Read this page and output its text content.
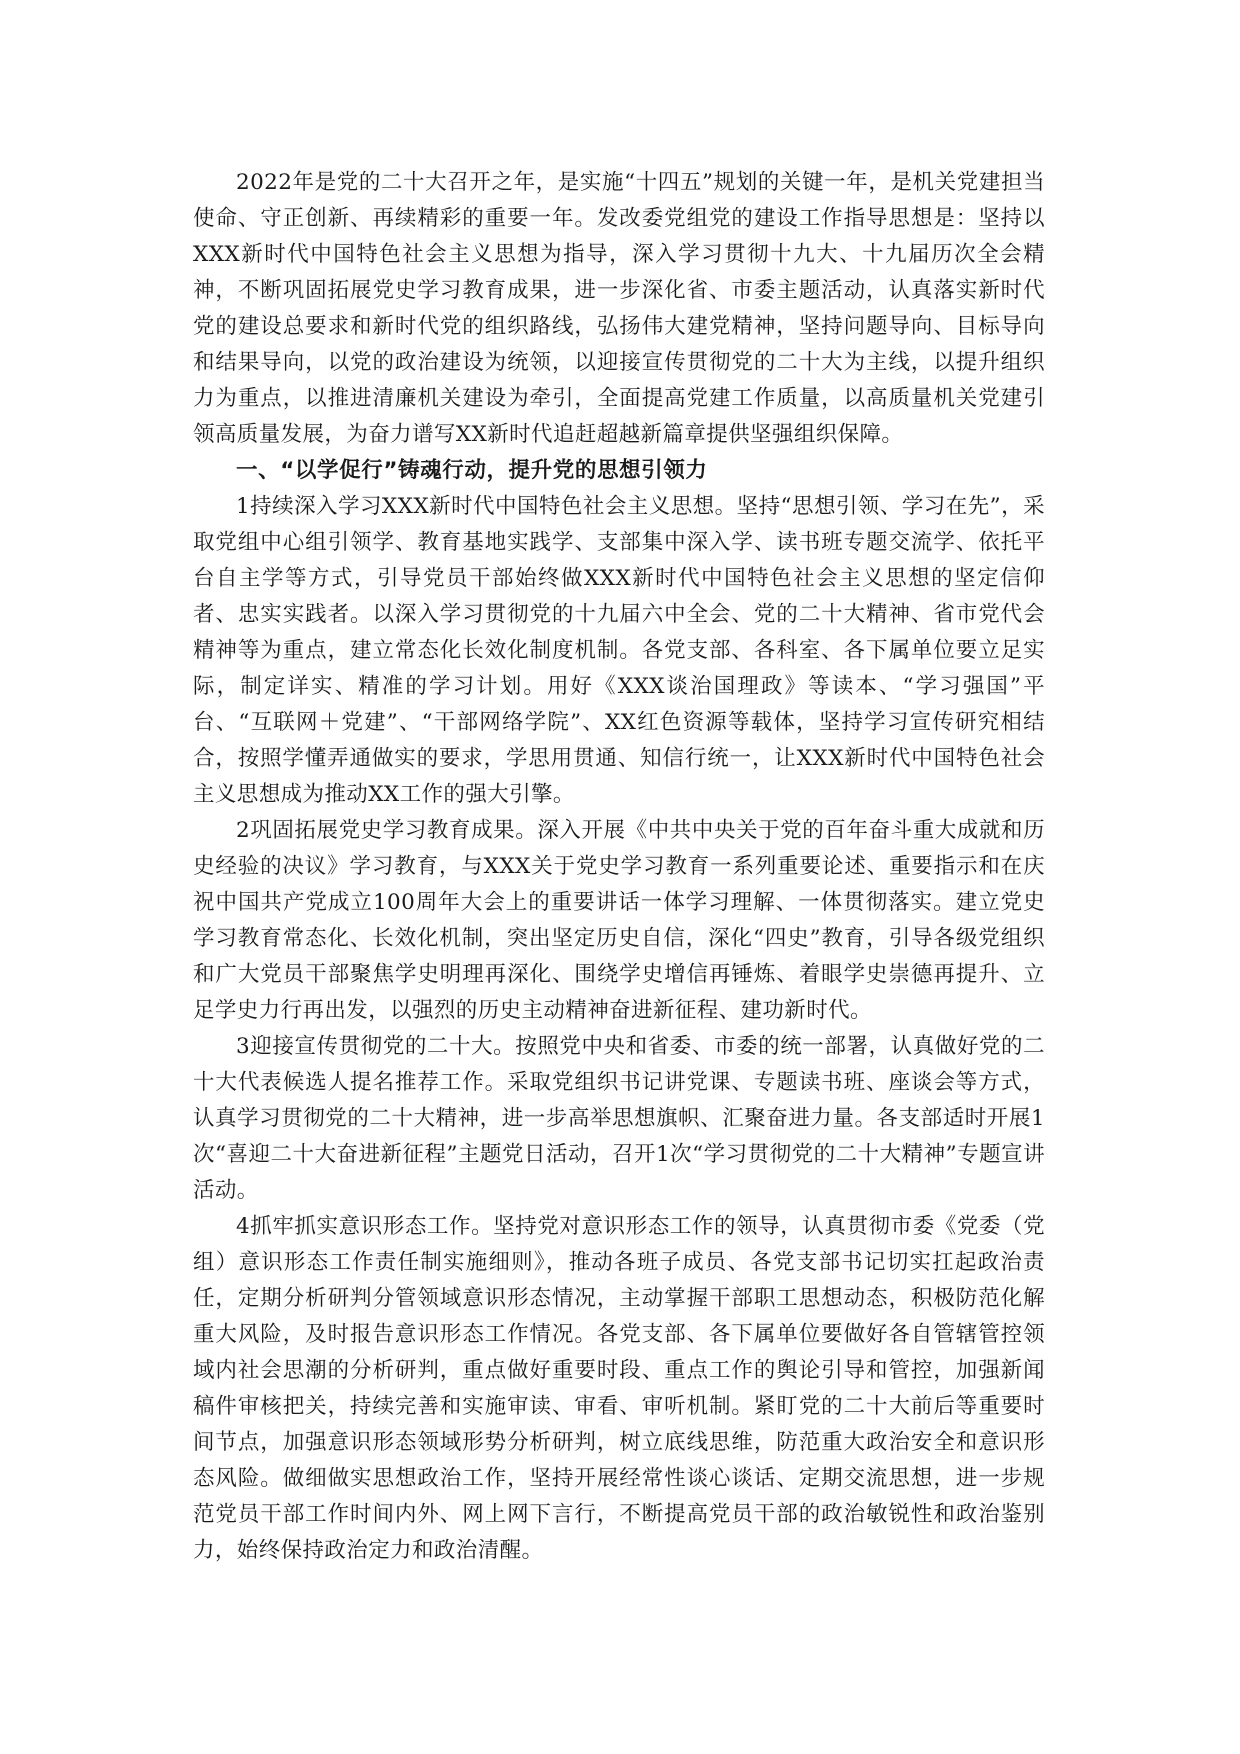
2022年是党的二十大召开之年，是实施“十四五”规划的关键一年，是机关党建担当使命、守正创新、再续精彩的重要一年。发改委党组党的建设工作指导思想是：坚持以XXX新时代中国特色社会主义思想为指导，深入学习贯彻十九大、十九届历次全会精神，不断巩固拓展党史学习教育成果，进一步深化省、市委主题活动，认真落实新时代党的建设总要求和新时代党的组织路线，弘扬伟大建党精神，坚持问题导向、目标导向和结果导向，以党的政治建设为统领，以迎接宣传贯彻党的二十大为主线，以提升组织力为重点，以推进清廉机关建设为牵引，全面提高党建工作质量，以高质量机关党建引领高质量发展，为奋力谱写XX新时代追赶超越新篇章提供坚强组织保障。

一、“以学促行”铸魂行动，提升党的思想引领力

1持续深入学习XXX新时代中国特色社会主义思想。坚持“思想引领、学习在先”，采取党组中心组引领学、教育基地实践学、支部集中深入学、读书班专题交流学、依托平台自主学等方式，引导党员干部始终做XXX新时代中国特色社会主义思想的坚定信仰者、忠实实践者。以深入学习贯彻党的十九届六中全会、党的二十大精神、省市党代会精神等为重点，建立常态化长效化制度机制。各党支部、各科室、各下属单位要立足实际，制定详实、精准的学习计划。用好《XXX谈治国理政》等读本、“学习强国”平台、“互联网＋党建”、“干部网络学院”、XX红色资源等载体，坚持学习宣传研究相结合，按照学懂弄通做实的要求，学思用贯通、知信行统一，让XXX新时代中国特色社会主义思想成为推动XX工作的强大引擎。

2巩固拓展党史学习教育成果。深入开展《中共中央关于党的百年奋斗重大成就和历史经验的决议》学习教育，与XXX关于党史学习教育一系列重要论述、重要指示和在庆祝中国共产党成立100周年大会上的重要讲话一体学习理解、一体贯彻落实。建立党史学习教育常态化、长效化机制，突出坚定历史自信，深化“四史”教育，引导各级党组织和广大党员干部聚焦学史明理再深化、围绕学史增信再锤炼、着眼学史崇德再提升、立足学史力行再出发，以强烈的历史主动精神奋进新征程、建功新时代。

3迎接宣传贯彻党的二十大。按照党中央和省委、市委的统一部署，认真做好党的二十大代表候选人提名推荐工作。采取党组织书记讲党课、专题读书班、座谈会等方式，认真学习贯彻党的二十大精神，进一步高举思想旗帜、汇聚奋进力量。各支部适时开展1次“喜迎二十大奋进新征程”主题党日活动，召开1次“学习贯彻党的二十大精神”专题宣讲活动。

4抓牢抓实意识形态工作。坚持党对意识形态工作的领导，认真贯彻市委《党委（党组）意识形态工作责任制实施细则》，推动各班子成员、各党支部书记切实扛起政治责任，定期分析研判分管领域意识形态情况，主动掌握干部职工思想动态，积极防范化解重大风险，及时报告意识形态工作情况。各党支部、各下属单位要做好各自管辖管控领域内社会思潮的分析研判，重点做好重要时段、重点工作的舆论引导和管控，加强新闻稿件审核把关，持续完善和实施审读、审看、审听机制。紧盯党的二十大前后等重要时间节点，加强意识形态领域形势分析研判，树立底线思维，防范重大政治安全和意识形态风险。做细做实思想政治工作，坚持开展经常性谈心谈话、定期交流思想，进一步规范党员干部工作时间内外、网上网下言行，不断提高党员干部的政治敏锐性和政治鉴别力，始终保持政治定力和政治清醒。
